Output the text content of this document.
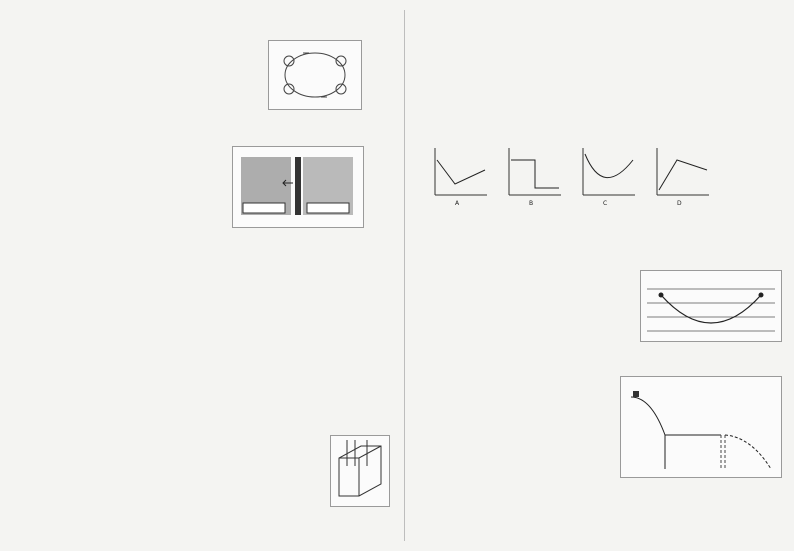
A	B	C	D
